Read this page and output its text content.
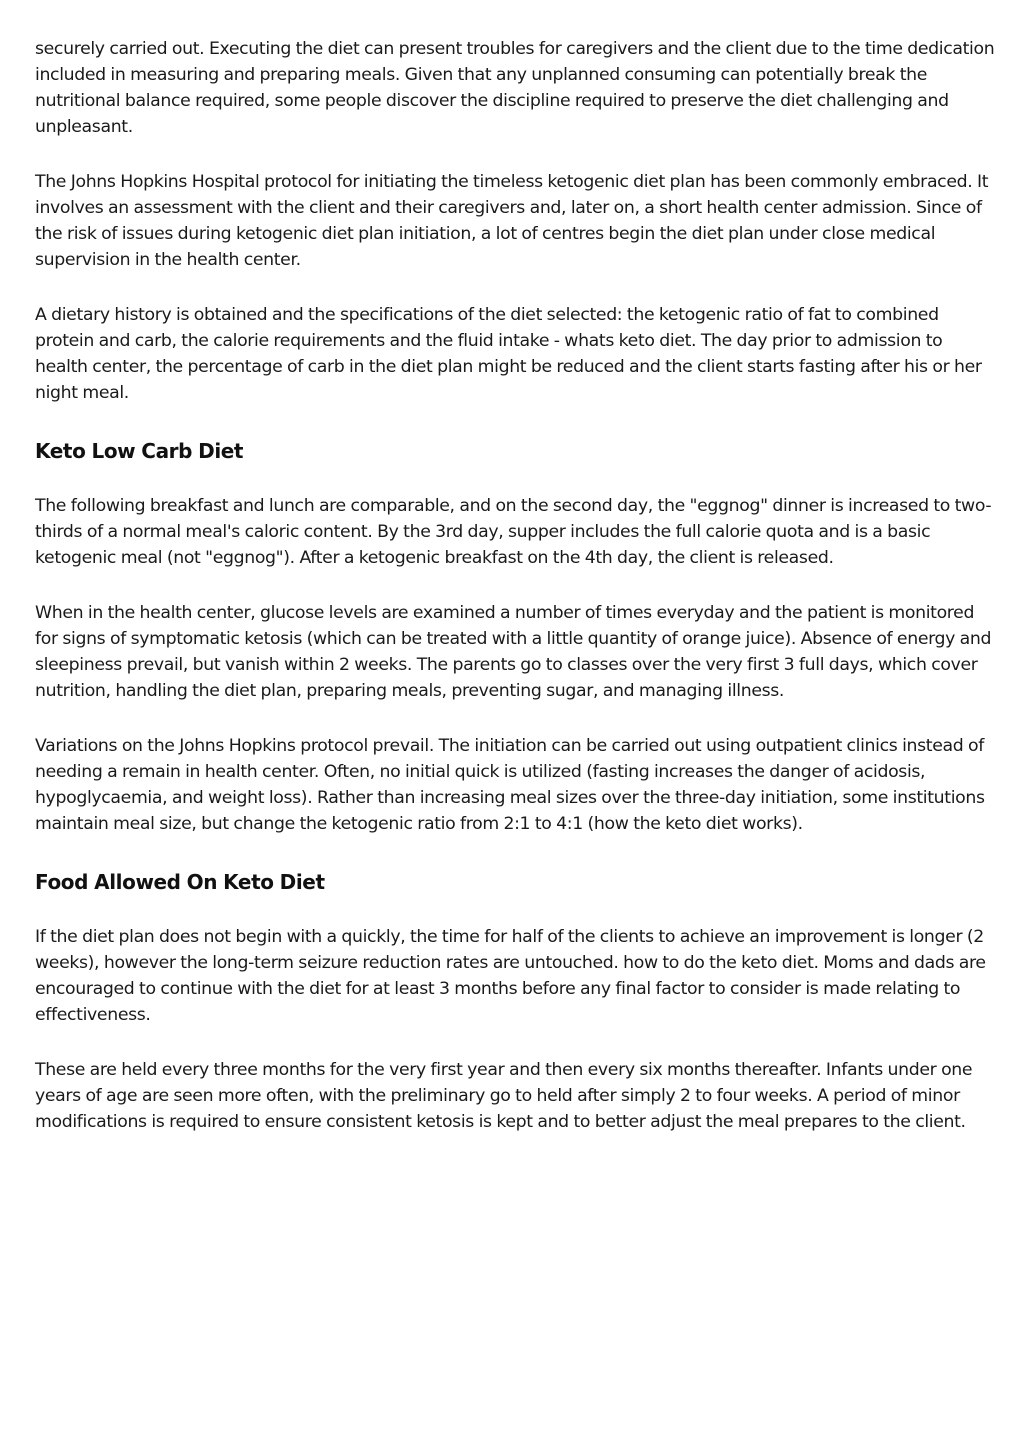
securely carried out. Executing the diet can present troubles for caregivers and the client due to the time dedication included in measuring and preparing meals. Given that any unplanned consuming can potentially break the nutritional balance required, some people discover the discipline required to preserve the diet challenging and unpleasant.

The Johns Hopkins Hospital protocol for initiating the timeless ketogenic diet plan has been commonly embraced. It involves an assessment with the client and their caregivers and, later on, a short health center admission. Since of the risk of issues during ketogenic diet plan initiation, a lot of centres begin the diet plan under close medical supervision in the health center.

A dietary history is obtained and the specifications of the diet selected: the ketogenic ratio of fat to combined protein and carb, the calorie requirements and the fluid intake - whats keto diet. The day prior to admission to health center, the percentage of carb in the diet plan might be reduced and the client starts fasting after his or her night meal.

Keto Low Carb Diet

The following breakfast and lunch are comparable, and on the second day, the "eggnog" dinner is increased to two-thirds of a normal meal's caloric content. By the 3rd day, supper includes the full calorie quota and is a basic ketogenic meal (not "eggnog"). After a ketogenic breakfast on the 4th day, the client is released.

When in the health center, glucose levels are examined a number of times everyday and the patient is monitored for signs of symptomatic ketosis (which can be treated with a little quantity of orange juice). Absence of energy and sleepiness prevail, but vanish within 2 weeks. The parents go to classes over the very first 3 full days, which cover nutrition, handling the diet plan, preparing meals, preventing sugar, and managing illness.

Variations on the Johns Hopkins protocol prevail. The initiation can be carried out using outpatient clinics instead of needing a remain in health center. Often, no initial quick is utilized (fasting increases the danger of acidosis, hypoglycaemia, and weight loss). Rather than increasing meal sizes over the three-day initiation, some institutions maintain meal size, but change the ketogenic ratio from 2:1 to 4:1 (how the keto diet works).

Food Allowed On Keto Diet

If the diet plan does not begin with a quickly, the time for half of the clients to achieve an improvement is longer (2 weeks), however the long-term seizure reduction rates are untouched. how to do the keto diet. Moms and dads are encouraged to continue with the diet for at least 3 months before any final factor to consider is made relating to effectiveness.

These are held every three months for the very first year and then every six months thereafter. Infants under one years of age are seen more often, with the preliminary go to held after simply 2 to four weeks. A period of minor modifications is required to ensure consistent ketosis is kept and to better adjust the meal prepares to the client.
